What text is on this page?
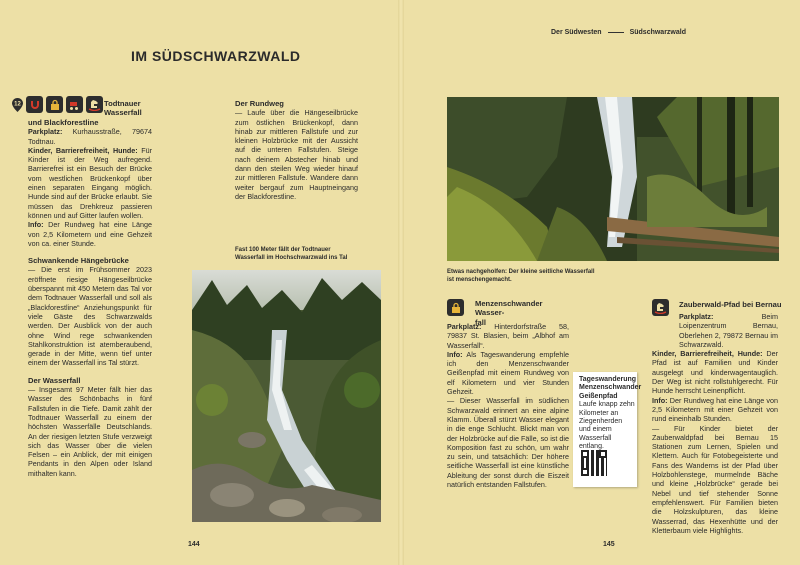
Der Südwesten	Südschwarzwald
IM SÜDSCHWARZWALD
12	Todtnauer

Wasserfall

und Blackforestline

Parkplatz: Kurhausstraße, 79674 Todtnau.

Kinder, Barrierefreiheit, Hunde: Für Kinder ist der Weg aufregend. Barrierefrei ist ein Besuch der Brücke vom westlichen Brückenkopf über einen separaten Eingang möglich. Hunde sind auf der Brücke erlaubt. Sie müssen das Drehkreuz passieren können und auf Gitter laufen wollen.

Info: Der Rundweg hat eine Länge von 2,5 Kilometern und eine Gehzeit von ca. einer Stunde.

Schwankende Hängebrücke

— Die erst im Frühsommer 2023 eröffnete riesige Hängeseilbrücke überspannt mit 450 Metern das Tal vor dem Todtnauer Wasserfall und soll als „Blackforestline“ Anziehungspunkt für viele Gäste des Schwarzwalds werden. Der Ausblick von der auch ohne Wind rege schwankenden Stahlkonstruktion ist atemberaubend, gerade in der Mitte, wenn tief unter einem der Wasserfall ins Tal stürzt.

Der Wasserfall

— Insgesamt 97 Meter fällt hier das Wasser des Schönbachs in fünf Fallstufen in die Tiefe. Damit zählt der Todtnauer Wasserfall zu einem der höchsten Wasserfälle Deutschlands. An der riesigen letzten Stufe verzweigt sich das Wasser über die vielen Felsen – ein Anblick, der mit einigen Pendants in den Alpen oder Island mithalten kann.

Der Rundweg

— Laufe über die Hängeseilbrücke zum östlichen Brückenkopf, dann hinab zur mittleren Fallstufe und zur kleinen Holzbrücke mit der Aussicht auf die unteren Fallstufen. Steige nach deinem Abstecher hinab und dann den steilen Weg wieder hinauf zur mittleren Fallstufe. Wandere dann weiter bergauf zum Hauptneingang der Blackforestline.

Fast 100 Meter fällt der Todtnauer Wasserfall im Hochschwarzwald ins Tal
144	145
Etwas nachgeholfen: Der kleine seitliche Wasserfall ist menschengemacht.

Menzenschwander Wasser-

fall

Parkplatz: Hinterdorfstraße 58, 79837 St. Blasien, beim „Albhof am Wasserfall“.

Info: Als Tageswanderung empfehle ich den Menzenschwander Geißenpfad mit einem Rundweg von elf Kilometern und vier Stunden Gehzeit.

— Dieser Wasserfall im südlichen Schwarzwald erinnert an eine alpine Klamm. Überall stürzt Wasser elegant in die enge Schlucht. Blickt man von der Holzbrücke auf die Fälle, so ist die Komposition fast zu schön, um wahr zu sein, und tatsächlich: Der höhere seitliche Wasserfall ist eine künstliche Ableitung der sonst durch die Eiszeit natürlich entstanden Fallstufen.

Tageswanderung
Menzenschwander
Geißenpfad
Laufe knapp zehn Kilometer an Ziegenherden und einem Wasserfall entlang.

Zauberwald-Pfad bei Bernau

Parkplatz: Beim Loipenzentrum Bernau, Oberlehen 2, 79872 Bernau im Schwarzwald.

Kinder, Barrierefreiheit, Hunde: Der Pfad ist auf Familien und Kinder ausgelegt und kinderwagentauglich. Der Weg ist nicht rollstuhlgerecht. Für Hunde herrscht Leinenpflicht.

Info: Der Rundweg hat eine Länge von 2,5 Kilometern mit einer Gehzeit von rund eineinhalb Stunden.

— Für Kinder bietet der Zauberwaldpfad bei Bernau 15 Stationen zum Lernen, Spielen und Klettern. Auch für Fotobegeisterte und Fans des Wanderns ist der Pfad über Holzbohlenstege, murmelnde Bäche und kleine „Holzbrücke“ gerade bei Nebel und tief stehender Sonne empfehlenswert. Für Familien bieten die Holzskulpturen, das kleine Wasserrad, das Hexenhütte und der Kletterbaum viele Highlights.
